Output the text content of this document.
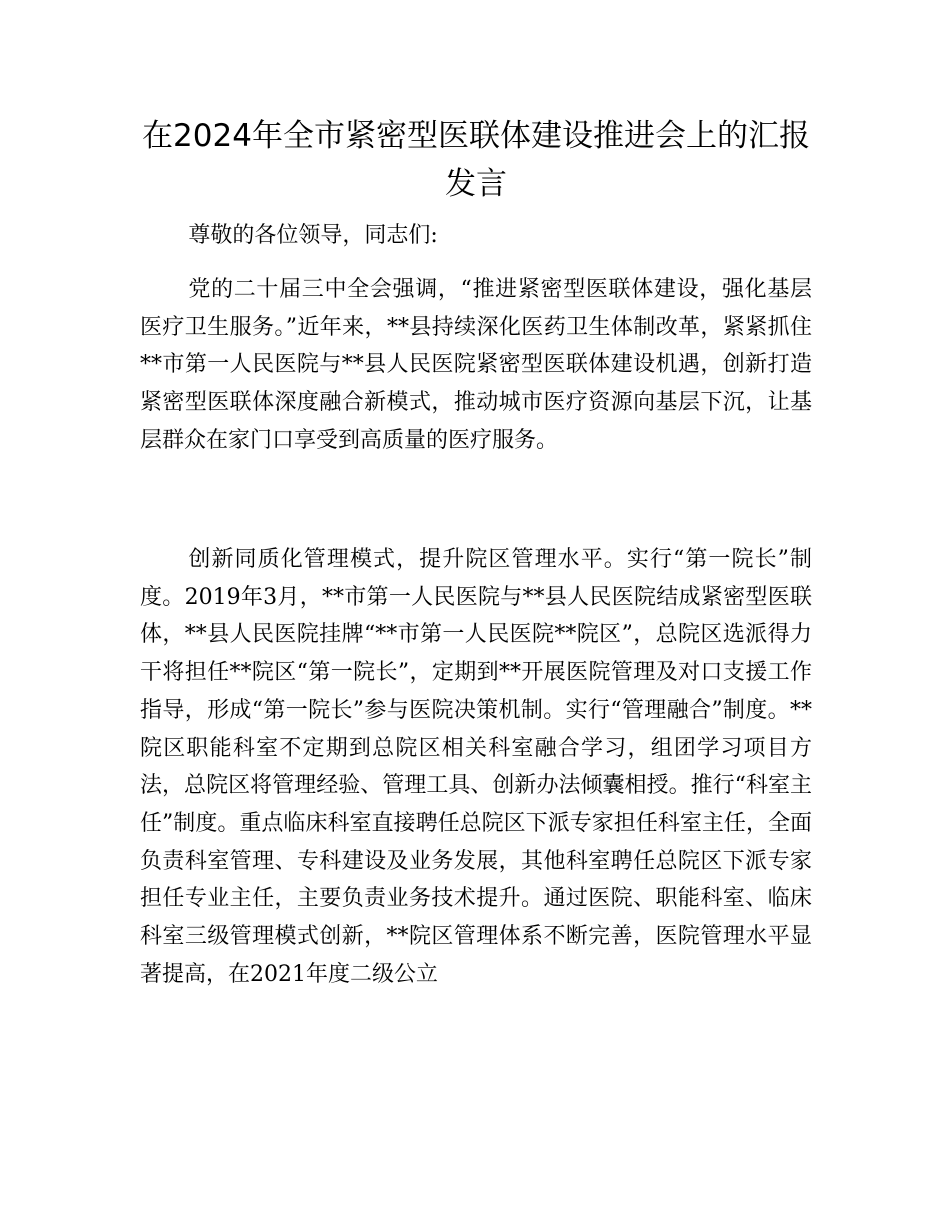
在2024年全市紧密型医联体建设推进会上的汇报发言

尊敬的各位领导，同志们:

党的二十届三中全会强调，“推进紧密型医联体建设，强化基层医疗卫生服务。”近年来，**县持续深化医药卫生体制改革，紧紧抓住**市第一人民医院与**县人民医院紧密型医联体建设机遇，创新打造紧密型医联体深度融合新模式，推动城市医疗资源向基层下沉，让基层群众在家门口享受到高质量的医疗服务。

创新同质化管理模式，提升院区管理水平。实行“第一院长”制度。2019年3月，**市第一人民医院与**县人民医院结成紧密型医联体，**县人民医院挂牌“**市第一人民医院**院区”，总院区选派得力干将担任**院区“第一院长”，定期到**开展医院管理及对口支援工作指导，形成“第一院长”参与医院决策机制。实行“管理融合”制度。**院区职能科室不定期到总院区相关科室融合学习，组团学习项目方法，总院区将管理经验、管理工具、创新办法倾囊相授。推行“科室主任”制度。重点临床科室直接聘任总院区下派专家担任科室主任，全面负责科室管理、专科建设及业务发展，其他科室聘任总院区下派专家担任专业主任，主要负责业务技术提升。通过医院、职能科室、临床科室三级管理模式创新，**院区管理体系不断完善，医院管理水平显著提高，在2021年度二级公立
